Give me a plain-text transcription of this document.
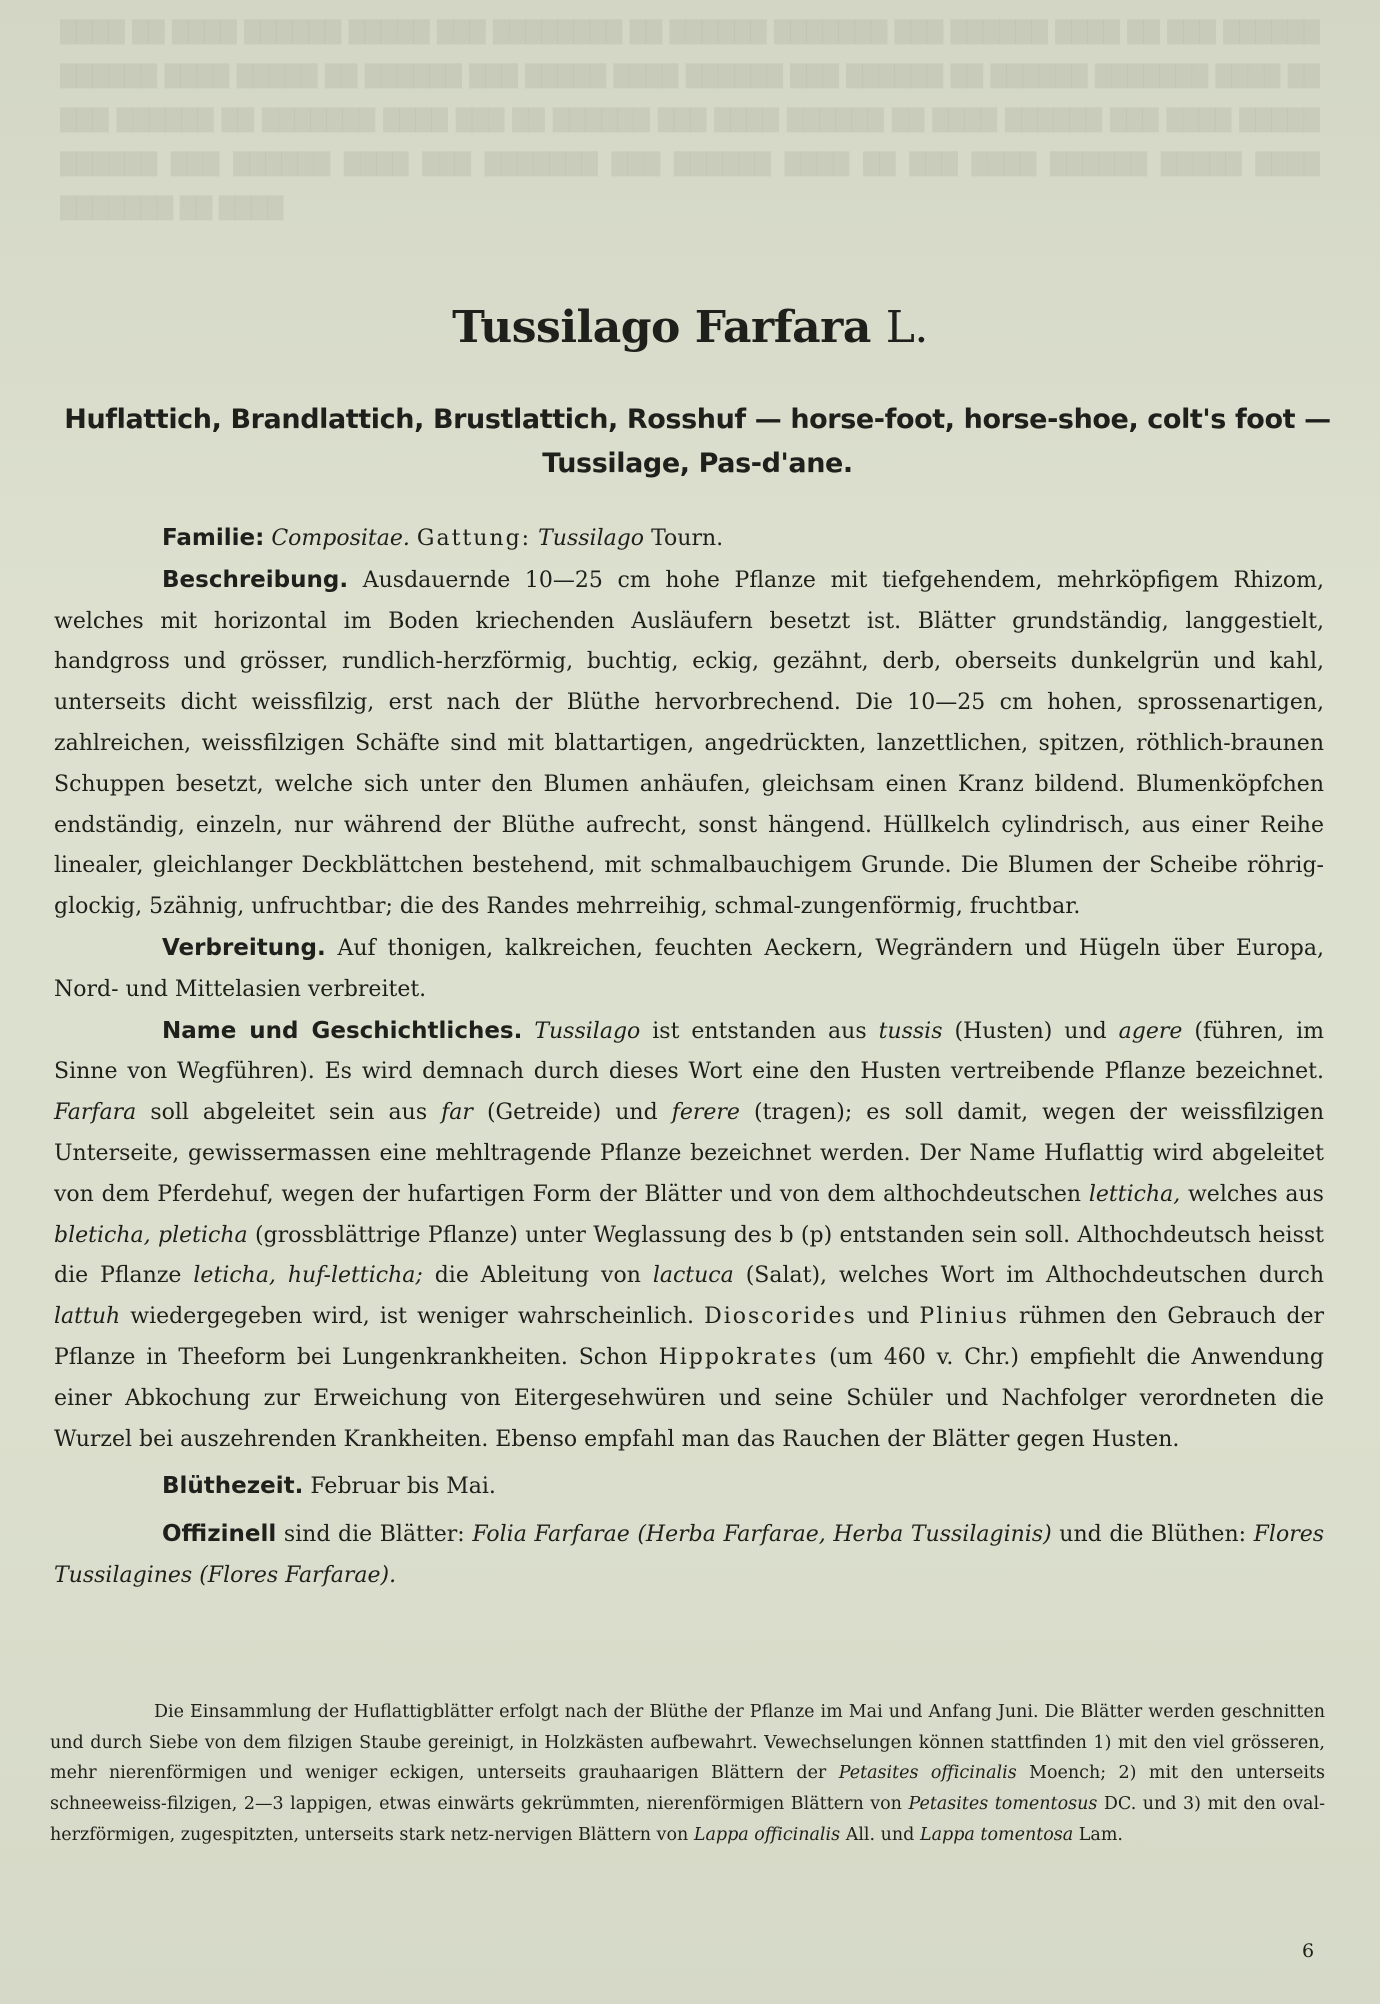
████ ██ ████ ██████ █████ ███ ████████ ██ ██████ ███████ ███ ██████ ████ ██ ███ ██████ ██████ ████ █████ ██ ██████ ███ █████ ████ ██████ ███ ██████ ██ ██████ ███████ ████ ██ ███ ██████ ██ ███████ ████ ███ ██ ██████ ███ ████ ██████ ██ ████ ██████ ███ ████ █████ ██████ ███ ██████ ████ ███ ███████ ███ ██████ ████ ██ ███ ████ ██████ █████ ████ ███████ ██ ████
Tussilago Farfara L.
Huflattich, Brandlattich, Brustlattich, Rosshuf — horse-foot, horse-shoe, colt's foot —
Tussilage, Pas-d'ane.

Familie: Compositae. Gattung: Tussilago Tourn.

Beschreibung. Ausdauernde 10—25 cm hohe Pflanze mit tiefgehendem, mehrköpfigem Rhizom, welches mit horizontal im Boden kriechenden Ausläufern besetzt ist. Blätter grundständig, langgestielt, handgross und grösser, rundlich-herzförmig, buchtig, eckig, gezähnt, derb, oberseits dunkelgrün und kahl, unterseits dicht weissfilzig, erst nach der Blüthe hervorbrechend. Die 10—25 cm hohen, sprossenartigen, zahlreichen, weissfilzigen Schäfte sind mit blattartigen, angedrückten, lanzettlichen, spitzen, röthlich-braunen Schuppen besetzt, welche sich unter den Blumen anhäufen, gleichsam einen Kranz bildend. Blumenköpfchen endständig, einzeln, nur während der Blüthe aufrecht, sonst hängend. Hüllkelch cylindrisch, aus einer Reihe linealer, gleichlanger Deckblättchen bestehend, mit schmalbauchigem Grunde. Die Blumen der Scheibe röhrig-glockig, 5zähnig, unfruchtbar; die des Randes mehrreihig, schmal-zungenförmig, fruchtbar.

Verbreitung. Auf thonigen, kalkreichen, feuchten Aeckern, Wegrändern und Hügeln über Europa, Nord- und Mittelasien verbreitet.

Name und Geschichtliches. Tussilago ist entstanden aus tussis (Husten) und agere (führen, im Sinne von Wegführen). Es wird demnach durch dieses Wort eine den Husten vertreibende Pflanze bezeichnet. Farfara soll abgeleitet sein aus far (Getreide) und ferere (tragen); es soll damit, wegen der weissfilzigen Unterseite, gewissermassen eine mehltragende Pflanze bezeichnet werden. Der Name Huflattig wird abgeleitet von dem Pferdehuf, wegen der hufartigen Form der Blätter und von dem althochdeutschen letticha, welches aus bleticha, pleticha (grossblättrige Pflanze) unter Weglassung des b (p) entstanden sein soll. Althochdeutsch heisst die Pflanze leticha, huf-letticha; die Ableitung von lactuca (Salat), welches Wort im Althochdeutschen durch lattuh wiedergegeben wird, ist weniger wahrscheinlich. Dioscorides und Plinius rühmen den Gebrauch der Pflanze in Theeform bei Lungenkrankheiten. Schon Hippokrates (um 460 v. Chr.) empfiehlt die Anwendung einer Abkochung zur Erweichung von Eitergesehwüren und seine Schüler und Nachfolger verordneten die Wurzel bei auszehrenden Krankheiten. Ebenso empfahl man das Rauchen der Blätter gegen Husten.

Blüthezeit. Februar bis Mai.

Offizinell sind die Blätter: Folia Farfarae (Herba Farfarae, Herba Tussilaginis) und die Blüthen: Flores Tussilagines (Flores Farfarae).

Die Einsammlung der Huflattigblätter erfolgt nach der Blüthe der Pflanze im Mai und Anfang Juni. Die Blätter werden geschnitten und durch Siebe von dem filzigen Staube gereinigt, in Holzkästen aufbewahrt. Vewechselungen können stattfinden 1) mit den viel grösseren, mehr nierenförmigen und weniger eckigen, unterseits grauhaarigen Blättern der Petasites officinalis Moench; 2) mit den unterseits schneeweiss-filzigen, 2—3 lappigen, etwas einwärts gekrümmten, nierenförmigen Blättern von Petasites tomentosus DC. und 3) mit den oval-herzförmigen, zugespitzten, unterseits stark netz-nervigen Blättern von Lappa officinalis All. und Lappa tomentosa Lam.

6
